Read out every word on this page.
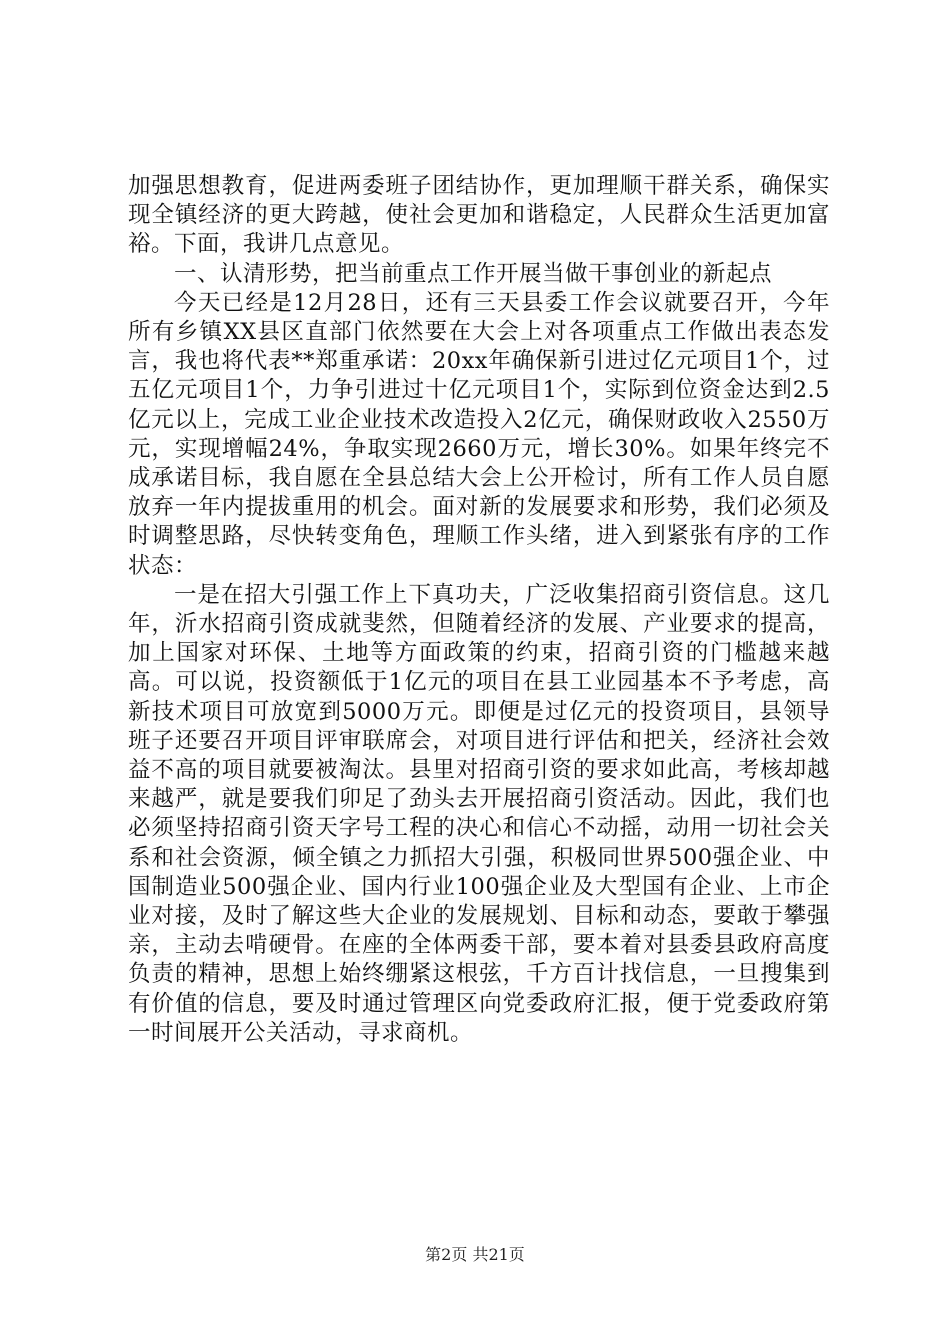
加强思想教育，促进两委班子团结协作，更加理顺干群关系，确保实现全镇经济的更大跨越，使社会更加和谐稳定，人民群众生活更加富裕。下面，我讲几点意见。

一、认清形势，把当前重点工作开展当做干事创业的新起点

今天已经是12月28日，还有三天县委工作会议就要召开，今年所有乡镇XX县区直部门依然要在大会上对各项重点工作做出表态发言，我也将代表**郑重承诺：20xx年确保新引进过亿元项目1个，过五亿元项目1个，力争引进过十亿元项目1个，实际到位资金达到2.5亿元以上，完成工业企业技术改造投入2亿元，确保财政收入2550万元，实现增幅24%，争取实现2660万元，增长30%。如果年终完不成承诺目标，我自愿在全县总结大会上公开检讨，所有工作人员自愿放弃一年内提拔重用的机会。面对新的发展要求和形势，我们必须及时调整思路，尽快转变角色，理顺工作头绪，进入到紧张有序的工作状态：

一是在招大引强工作上下真功夫，广泛收集招商引资信息。这几年，沂水招商引资成就斐然，但随着经济的发展、产业要求的提高，加上国家对环保、土地等方面政策的约束，招商引资的门槛越来越高。可以说，投资额低于1亿元的项目在县工业园基本不予考虑，高新技术项目可放宽到5000万元。即便是过亿元的投资项目，县领导班子还要召开项目评审联席会，对项目进行评估和把关，经济社会效益不高的项目就要被淘汰。县里对招商引资的要求如此高，考核却越来越严，就是要我们卯足了劲头去开展招商引资活动。因此，我们也必须坚持招商引资天字号工程的决心和信心不动摇，动用一切社会关系和社会资源，倾全镇之力抓招大引强，积极同世界500强企业、中国制造业500强企业、国内行业100强企业及大型国有企业、上市企业对接，及时了解这些大企业的发展规划、目标和动态，要敢于攀强亲，主动去啃硬骨。在座的全体两委干部，要本着对县委县政府高度负责的精神，思想上始终绷紧这根弦，千方百计找信息，一旦搜集到有价值的信息，要及时通过管理区向党委政府汇报，便于党委政府第一时间展开公关活动，寻求商机。

第2页 共21页
